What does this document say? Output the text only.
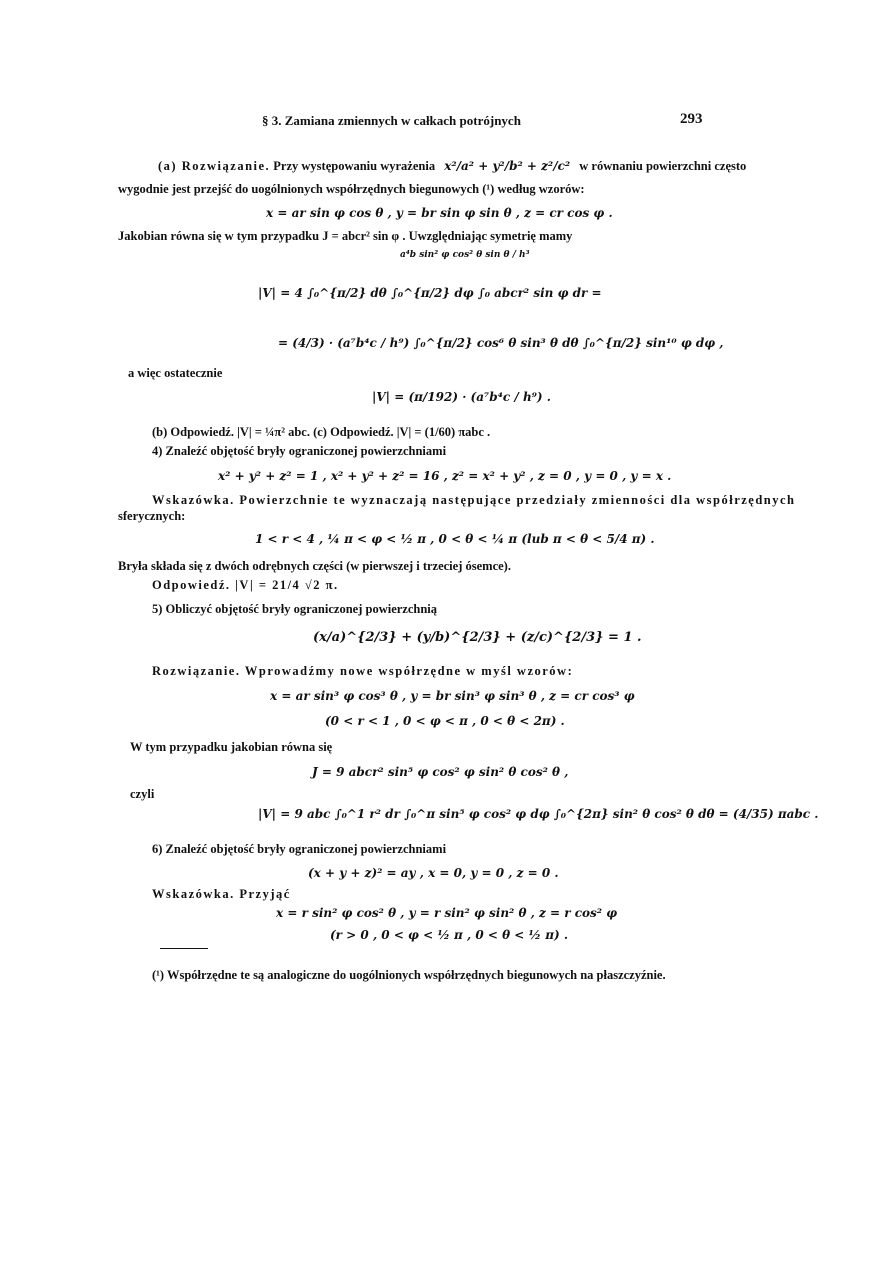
§ 3. Zamiana zmiennych w całkach potrójnych	293
(a) Rozwiązanie. Przy występowaniu wyrażenia x²/a² + y²/b² + z²/c² w równaniu powierzchni często
wygodnie jest przejść do uogólnionych współrzędnych biegunowych (¹) według wzorów:
x = ar sin φ cos θ , y = br sin φ sin θ , z = cr cos φ .
Jakobian równa się w tym przypadku J = abcr² sin φ . Uwzględniając symetrię mamy
a⁴b sin² φ cos² θ sin θ / h³
|V| = 4 ∫₀^{π/2} dθ ∫₀^{π/2} dφ ∫₀ abcr² sin φ dr =
= (4/3) · (a⁷b⁴c / h⁹) ∫₀^{π/2} cos⁶ θ sin³ θ dθ ∫₀^{π/2} sin¹⁰ φ dφ ,
a więc ostatecznie
|V| = (π/192) · (a⁷b⁴c / h⁹) .
(b) Odpowiedź. |V| = ¼π² abc. (c) Odpowiedź. |V| = (1/60) πabc .
4) Znaleźć objętość bryły ograniczonej powierzchniami
x² + y² + z² = 1 , x² + y² + z² = 16 , z² = x² + y² , z = 0 , y = 0 , y = x .
Wskazówka. Powierzchnie te wyznaczają następujące przedziały zmienności dla współrzędnych
sferycznych:
1 < r < 4 , ¼ π < φ < ½ π , 0 < θ < ¼ π (lub π < θ < 5/4 π) .
Bryła składa się z dwóch odrębnych części (w pierwszej i trzeciej ósemce).
Odpowiedź. |V| = 21/4 √2 π.
5) Obliczyć objętość bryły ograniczonej powierzchnią
(x/a)^{2/3} + (y/b)^{2/3} + (z/c)^{2/3} = 1 .
Rozwiązanie. Wprowadźmy nowe współrzędne w myśl wzorów:
x = ar sin³ φ cos³ θ , y = br sin³ φ sin³ θ , z = cr cos³ φ
(0 < r < 1 , 0 < φ < π , 0 < θ < 2π) .
W tym przypadku jakobian równa się
J = 9 abcr² sin⁵ φ cos² φ sin² θ cos² θ ,
czyli
|V| = 9 abc ∫₀^1 r² dr ∫₀^π sin⁵ φ cos² φ dφ ∫₀^{2π} sin² θ cos² θ dθ = (4/35) πabc .
6) Znaleźć objętość bryły ograniczonej powierzchniami
(x + y + z)² = ay , x = 0, y = 0 , z = 0 .
Wskazówka. Przyjąć
x = r sin² φ cos² θ , y = r sin² φ sin² θ , z = r cos² φ
(r > 0 , 0 < φ < ½ π , 0 < θ < ½ π) .
(¹) Współrzędne te są analogiczne do uogólnionych współrzędnych biegunowych na płaszczyźnie.
